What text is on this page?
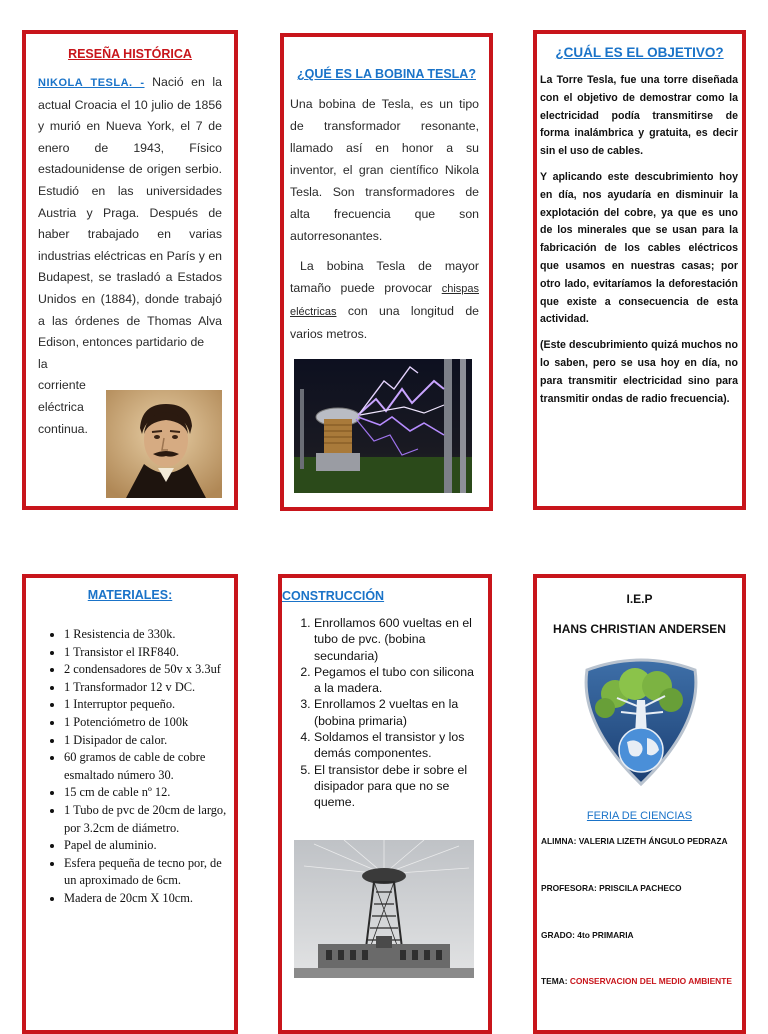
RESEÑA HISTÓRICA

NIKOLA TESLA. - Nació en la actual Croacia el 10 julio de 1856 y murió en Nueva York, el 7 de enero de 1943, Físico estadounidense de origen serbio. Estudió en las universidades Austria y Praga. Después de haber trabajado en varias industrias eléctricas en París y en Budapest, se trasladó a Estados Unidos en (1884), donde trabajó a las órdenes de Thomas Alva Edison, entonces partidario de

la
corriente
eléctrica
continua.

¿QUÉ ES LA BOBINA TESLA?

Una bobina de Tesla, es un tipo de transformador resonante, llamado así en honor a su inventor, el gran científico Nikola Tesla. Son transformadores de alta frecuencia que son autorresonantes.

La bobina Tesla de mayor tamaño puede provocar chispas eléctricas con una longitud de varios metros.

¿CUÁL ES EL OBJETIVO?

La Torre Tesla, fue una torre diseñada con el objetivo de demostrar como la electricidad podía transmitirse de forma inalámbrica y gratuita, es decir sin el uso de cables.

Y aplicando este descubrimiento hoy en día, nos ayudaría en disminuir la explotación del cobre, ya que es uno de los minerales que se usan para la fabricación de los cables eléctricos que usamos en nuestras casas; por otro lado, evitaríamos la deforestación que existe a consecuencia de esta actividad.

(Este descubrimiento quizá muchos no lo saben, pero se usa hoy en día, no para transmitir electricidad sino para transmitir ondas de radio frecuencia).

MATERIALES:
• 1 Resistencia de 330k.
• 1 Transistor el IRF840.
• 2 condensadores de 50v x 3.3uf
• 1 Transformador 12 v DC.
• 1 Interruptor pequeño.
• 1 Potenciómetro de 100k
• 1 Disipador de calor.
• 60 gramos de cable de cobre esmaltado número 30.
• 15 cm de cable nº 12.
• 1 Tubo de pvc de 20cm de largo, por 3.2cm de diámetro.
• Papel de aluminio.
• Esfera pequeña de tecno por, de un aproximado de 6cm.
• Madera de 20cm X 10cm.
CONSTRUCCIÓN
1. Enrollamos 600 vueltas en el tubo de pvc. (bobina secundaria)
2. Pegamos el tubo con silicona a la madera.
3. Enrollamos 2 vueltas en la (bobina primaria)
4. Soldamos el transistor y los demás componentes.
5. El transistor debe ir sobre el disipador para que no se queme.
I.E.P
HANS CHRISTIAN ANDERSEN
FERIA DE CIENCIAS
ALIMNA: VALERIA LIZETH ÁNGULO PEDRAZA
PROFESORA: PRISCILA PACHECO
GRADO: 4to PRIMARIA
TEMA: CONSERVACION DEL MEDIO AMBIENTE
